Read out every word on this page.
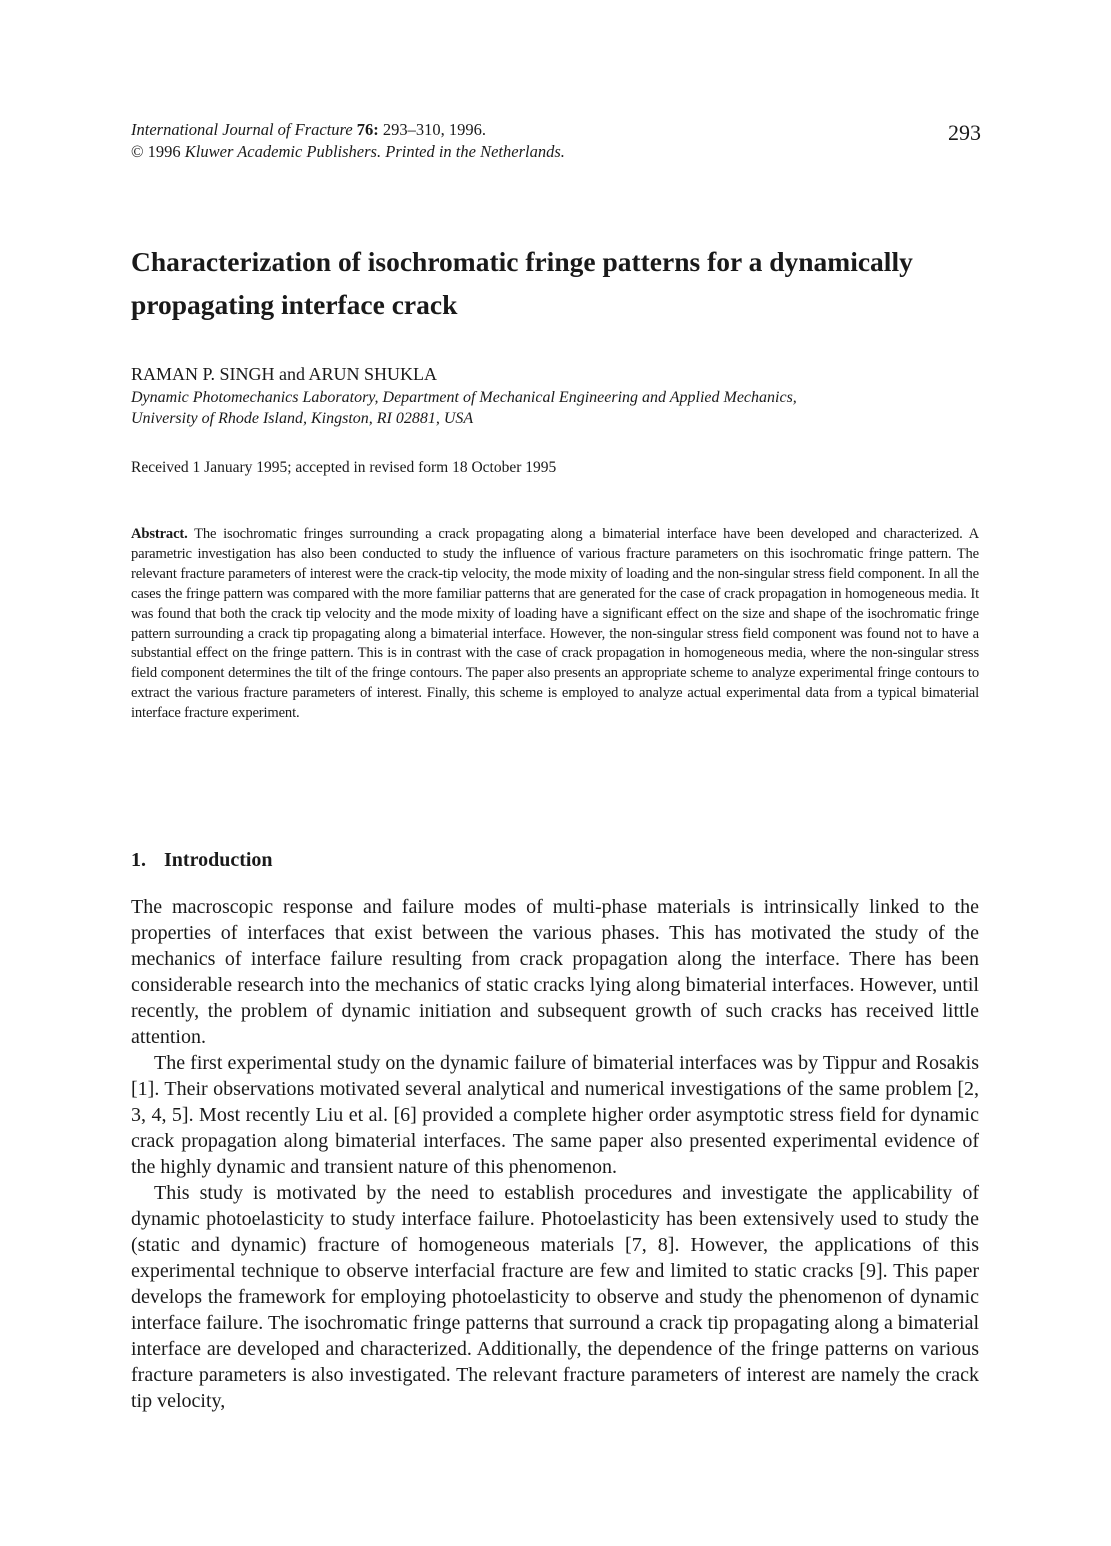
International Journal of Fracture 76: 293–310, 1996.
© 1996 Kluwer Academic Publishers. Printed in the Netherlands.
293
Characterization of isochromatic fringe patterns for a dynamically
propagating interface crack
RAMAN P. SINGH and ARUN SHUKLA
Dynamic Photomechanics Laboratory, Department of Mechanical Engineering and Applied Mechanics,
University of Rhode Island, Kingston, RI 02881, USA
Received 1 January 1995; accepted in revised form 18 October 1995
Abstract. The isochromatic fringes surrounding a crack propagating along a bimaterial interface have been developed and characterized. A parametric investigation has also been conducted to study the influence of various fracture parameters on this isochromatic fringe pattern. The relevant fracture parameters of interest were the crack-tip velocity, the mode mixity of loading and the non-singular stress field component. In all the cases the fringe pattern was compared with the more familiar patterns that are generated for the case of crack propagation in homogeneous media. It was found that both the crack tip velocity and the mode mixity of loading have a significant effect on the size and shape of the isochromatic fringe pattern surrounding a crack tip propagating along a bimaterial interface. However, the non-singular stress field component was found not to have a substantial effect on the fringe pattern. This is in contrast with the case of crack propagation in homogeneous media, where the non-singular stress field component determines the tilt of the fringe contours. The paper also presents an appropriate scheme to analyze experimental fringe contours to extract the various fracture parameters of interest. Finally, this scheme is employed to analyze actual experimental data from a typical bimaterial interface fracture experiment.
1. Introduction

The macroscopic response and failure modes of multi-phase materials is intrinsically linked to the properties of interfaces that exist between the various phases. This has motivated the study of the mechanics of interface failure resulting from crack propagation along the interface. There has been considerable research into the mechanics of static cracks lying along bimaterial interfaces. However, until recently, the problem of dynamic initiation and subsequent growth of such cracks has received little attention.

The first experimental study on the dynamic failure of bimaterial interfaces was by Tippur and Rosakis [1]. Their observations motivated several analytical and numerical investigations of the same problem [2, 3, 4, 5]. Most recently Liu et al. [6] provided a complete higher order asymptotic stress field for dynamic crack propagation along bimaterial interfaces. The same paper also presented experimental evidence of the highly dynamic and transient nature of this phenomenon.

This study is motivated by the need to establish procedures and investigate the applicability of dynamic photoelasticity to study interface failure. Photoelasticity has been extensively used to study the (static and dynamic) fracture of homogeneous materials [7, 8]. However, the applications of this experimental technique to observe interfacial fracture are few and limited to static cracks [9]. This paper develops the framework for employing photoelasticity to observe and study the phenomenon of dynamic interface failure. The isochromatic fringe patterns that surround a crack tip propagating along a bimaterial interface are developed and characterized. Additionally, the dependence of the fringe patterns on various fracture parameters is also investigated. The relevant fracture parameters of interest are namely the crack tip velocity,
